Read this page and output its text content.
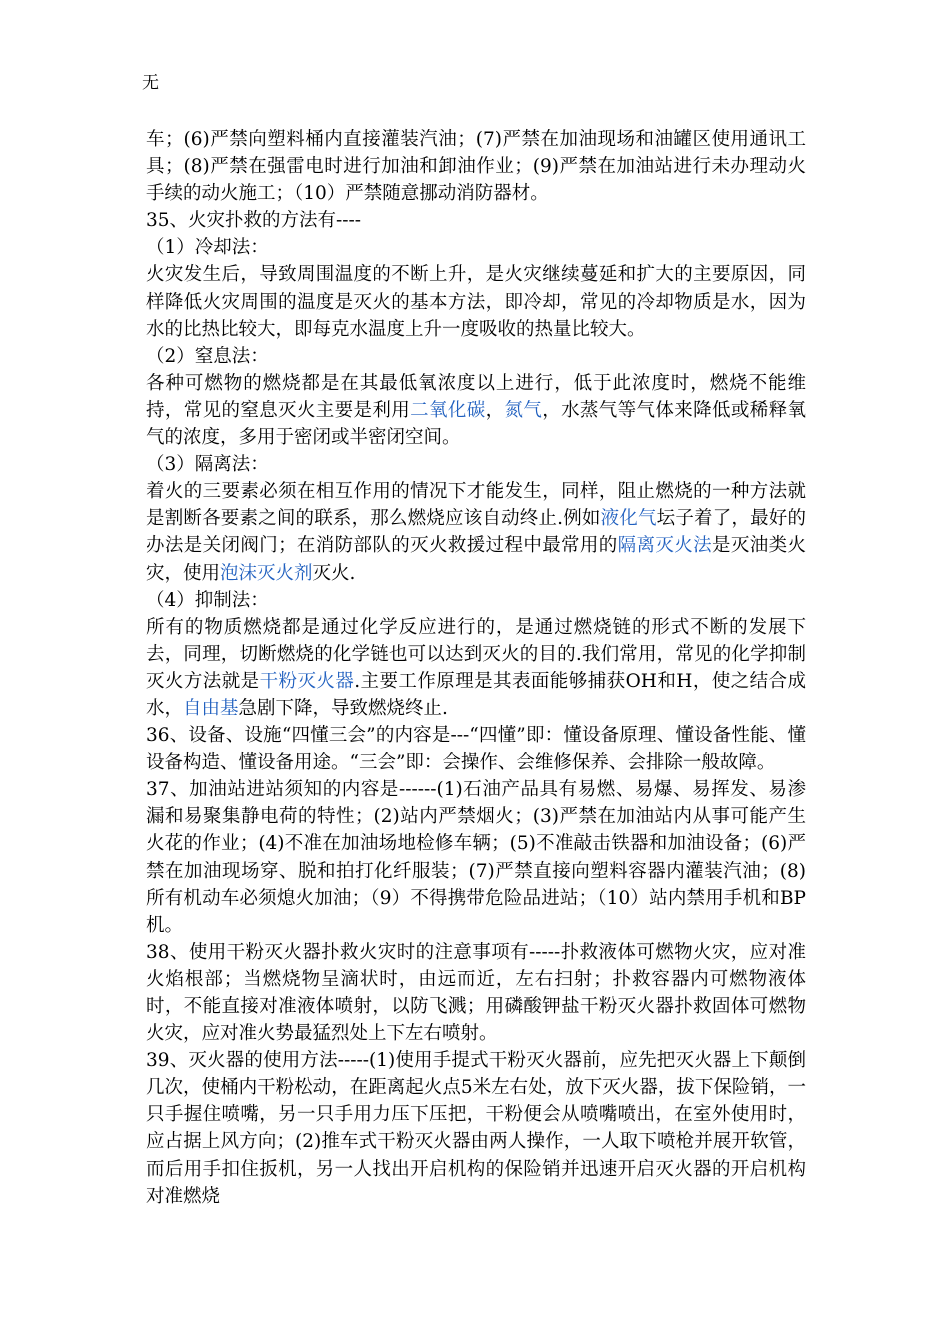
无

车；(6)严禁向塑料桶内直接灌装汽油；(7)严禁在加油现场和油罐区使用通讯工具；(8)严禁在强雷电时进行加油和卸油作业；(9)严禁在加油站进行未办理动火手续的动火施工；（10）严禁随意挪动消防器材。

35、火灾扑救的方法有----

（1）冷却法：

火灾发生后，导致周围温度的不断上升，是火灾继续蔓延和扩大的主要原因，同样降低火灾周围的温度是灭火的基本方法，即冷却，常见的冷却物质是水，因为水的比热比较大，即每克水温度上升一度吸收的热量比较大。

（2）窒息法：

各种可燃物的燃烧都是在其最低氧浓度以上进行，低于此浓度时，燃烧不能维持，常见的窒息灭火主要是利用二氧化碳，氮气，水蒸气等气体来降低或稀释氧气的浓度，多用于密闭或半密闭空间。

（3）隔离法：

着火的三要素必须在相互作用的情况下才能发生，同样，阻止燃烧的一种方法就是割断各要素之间的联系，那么燃烧应该自动终止.例如液化气坛子着了，最好的办法是关闭阀门；在消防部队的灭火救援过程中最常用的隔离灭火法是灭油类火灾，使用泡沫灭火剂灭火.

（4）抑制法：

所有的物质燃烧都是通过化学反应进行的，是通过燃烧链的形式不断的发展下去，同理，切断燃烧的化学链也可以达到灭火的目的.我们常用，常见的化学抑制灭火方法就是干粉灭火器.主要工作原理是其表面能够捕获OH和H，使之结合成水，自由基急剧下降，导致燃烧终止.

36、设备、设施“四懂三会”的内容是---“四懂”即：懂设备原理、懂设备性能、懂设备构造、懂设备用途。“三会”即：会操作、会维修保养、会排除一般故障。

37、加油站进站须知的内容是------(1)石油产品具有易燃、易爆、易挥发、易渗漏和易聚集静电荷的特性；(2)站内严禁烟火；(3)严禁在加油站内从事可能产生火花的作业；(4)不准在加油场地检修车辆；(5)不准敲击铁器和加油设备；(6)严禁在加油现场穿、脱和拍打化纤服装；(7)严禁直接向塑料容器内灌装汽油；(8)所有机动车必须熄火加油；（9）不得携带危险品进站；（10）站内禁用手机和BP机。

38、使用干粉灭火器扑救火灾时的注意事项有-----扑救液体可燃物火灾，应对准火焰根部；当燃烧物呈滴状时，由远而近，左右扫射；扑救容器内可燃物液体时，不能直接对准液体喷射，以防飞溅；用磷酸钾盐干粉灭火器扑救固体可燃物火灾，应对准火势最猛烈处上下左右喷射。

39、灭火器的使用方法-----(1)使用手提式干粉灭火器前，应先把灭火器上下颠倒几次，使桶内干粉松动，在距离起火点5米左右处，放下灭火器，拔下保险销，一只手握住喷嘴，另一只手用力压下压把，干粉便会从喷嘴喷出，在室外使用时，应占据上风方向；(2)推车式干粉灭火器由两人操作，一人取下喷枪并展开软管，而后用手扣住扳机，另一人找出开启机构的保险销并迅速开启灭火器的开启机构对准燃烧
